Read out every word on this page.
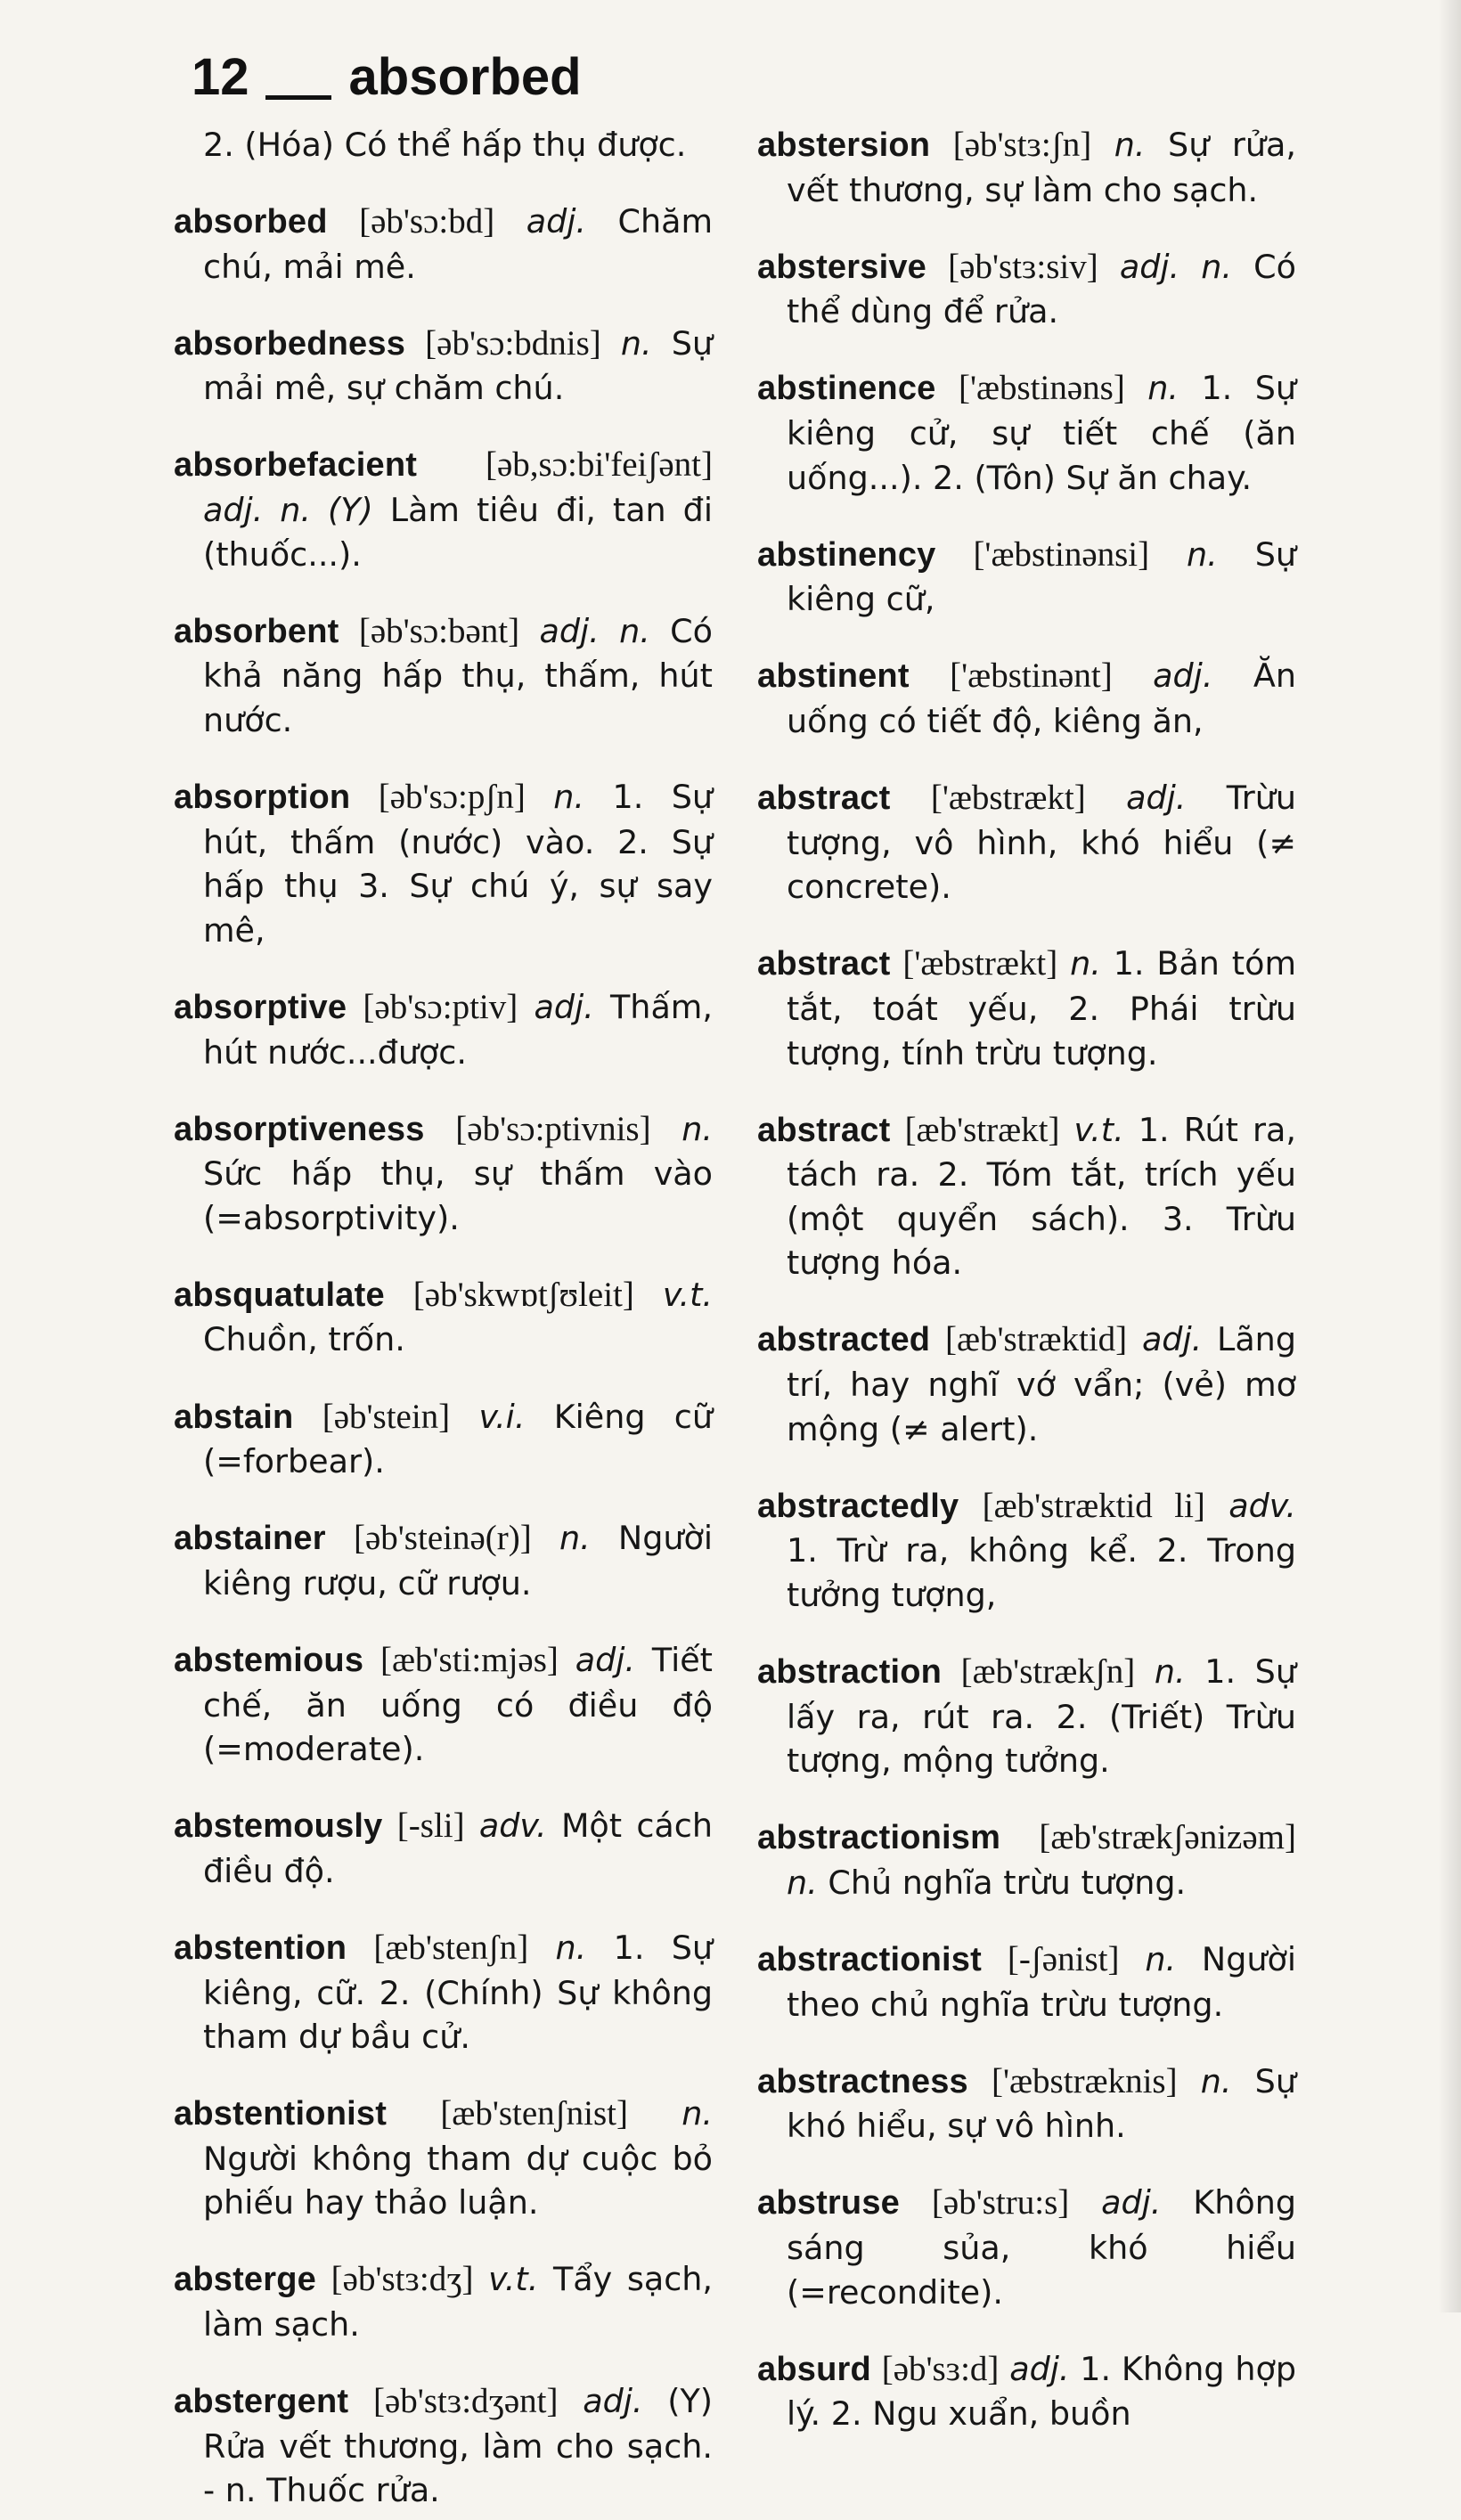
12 absorbed

2. (Hóa) Có thể hấp thụ được.

absorbed [əb'sɔ:bd] adj. Chăm chú, mải mê.

absorbedness [əb'sɔ:bdnis] n. Sự mải mê, sự chăm chú.

absorbefacient [əb,sɔ:bi'feiʃənt] adj. n. (Y) Làm tiêu đi, tan đi (thuốc...).

absorbent [əb'sɔ:bənt] adj. n. Có khả năng hấp thụ, thấm, hút nước.

absorption [əb'sɔ:pʃn] n. 1. Sự hút, thấm (nước) vào. 2. Sự hấp thụ 3. Sự chú ý, sự say mê,

absorptive [əb'sɔ:ptiv] adj. Thấm, hút nước...được.

absorptiveness [əb'sɔ:ptivnis] n. Sức hấp thụ, sự thấm vào (=absorptivity).

absquatulate [əb'skwɒtʃʊleit] v.t. Chuồn, trốn.

abstain [əb'stein] v.i. Kiêng cữ (=forbear).

abstainer [əb'steinə(r)] n. Người kiêng rượu, cữ rượu.

abstemious [æb'sti:mjəs] adj. Tiết chế, ăn uống có điều độ (=moderate).

abstemously [-sli] adv. Một cách điều độ.

abstention [æb'stenʃn] n. 1. Sự kiêng, cữ. 2. (Chính) Sự không tham dự bầu cử.

abstentionist [æb'stenʃnist] n. Người không tham dự cuộc bỏ phiếu hay thảo luận.

absterge [əb'stɜ:dʒ] v.t. Tẩy sạch, làm sạch.

abstergent [əb'stɜ:dʒənt] adj. (Y) Rửa vết thương, làm cho sạch. - n. Thuốc rửa.

abstersion [əb'stɜ:ʃn] n. Sự rửa, vết thương, sự làm cho sạch.

abstersive [əb'stɜ:siv] adj. n. Có thể dùng để rửa.

abstinence ['æbstinəns] n. 1. Sự kiêng cử, sự tiết chế (ăn uống...). 2. (Tôn) Sự ăn chay.

abstinency ['æbstinənsi] n. Sự kiêng cữ,

abstinent ['æbstinənt] adj. Ăn uống có tiết độ, kiêng ăn,

abstract ['æbstrækt] adj. Trừu tượng, vô hình, khó hiểu (≠ concrete).

abstract ['æbstrækt] n. 1. Bản tóm tắt, toát yếu, 2. Phái trừu tượng, tính trừu tượng.

abstract [æb'strækt] v.t. 1. Rút ra, tách ra. 2. Tóm tắt, trích yếu (một quyển sách). 3. Trừu tượng hóa.

abstracted [æb'stræktid] adj. Lãng trí, hay nghĩ vớ vẩn; (vẻ) mơ mộng (≠ alert).

abstractedly [æb'stræktid li] adv. 1. Trừ ra, không kể. 2. Trong tưởng tượng,

abstraction [æb'strækʃn] n. 1. Sự lấy ra, rút ra. 2. (Triết) Trừu tượng, mộng tưởng.

abstractionism [æb'strækʃənizəm] n. Chủ nghĩa trừu tượng.

abstractionist [-ʃənist] n. Người theo chủ nghĩa trừu tượng.

abstractness ['æbstræknis] n. Sự khó hiểu, sự vô hình.

abstruse [əb'stru:s] adj. Không sáng sủa, khó hiểu (=recondite).

absurd [əb'sɜ:d] adj. 1. Không hợp lý. 2. Ngu xuẩn, buồn
